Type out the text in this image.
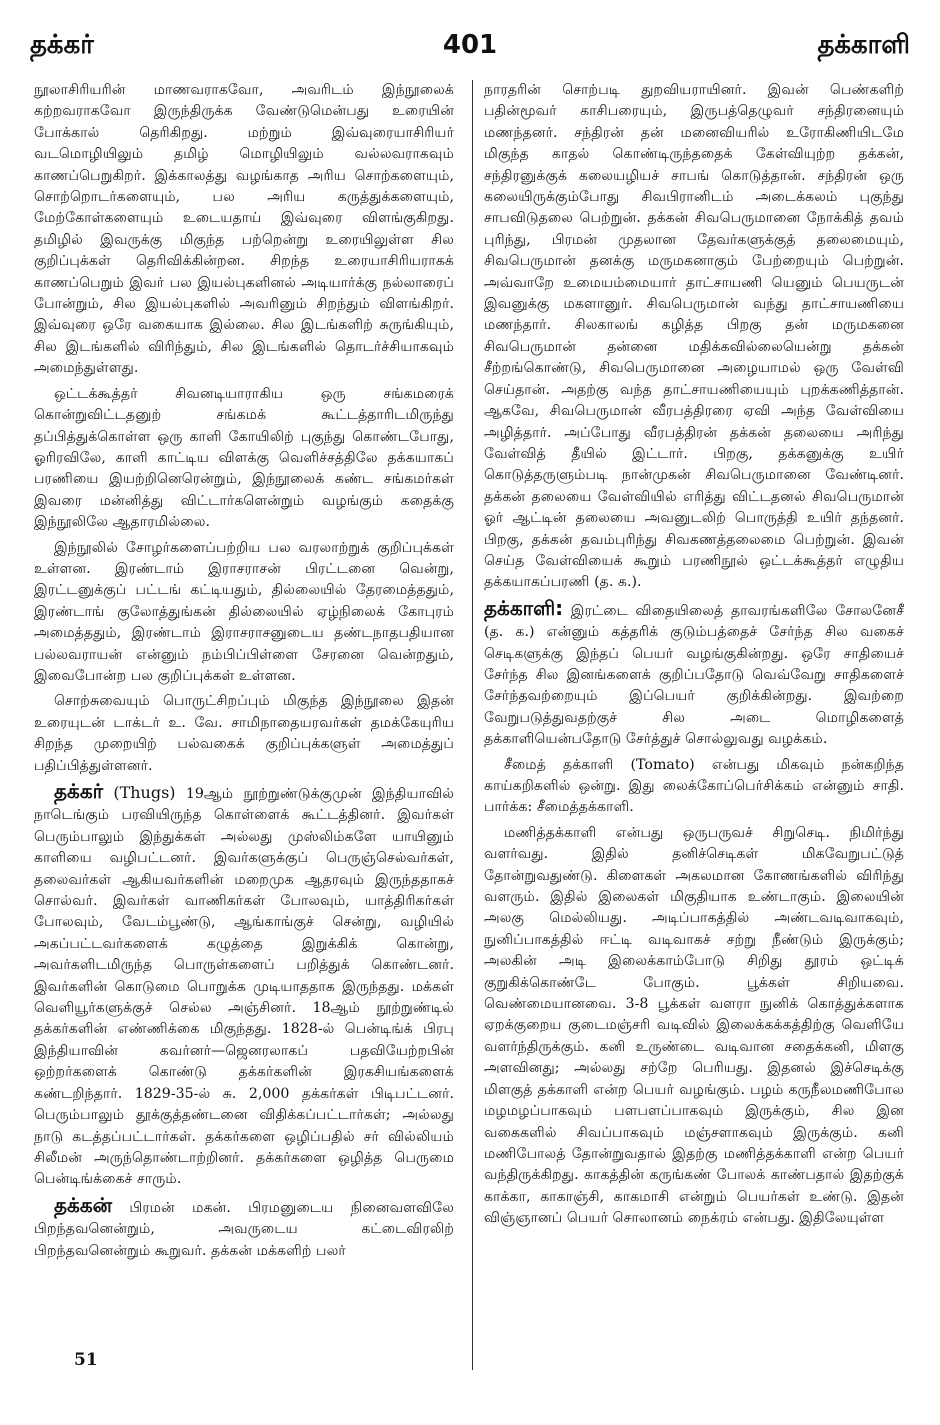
தக்கர்	401	தக்காளி

நூலாசிரியரின் மாணவராகவோ, அவரிடம் இந்நூலைக் கற்றவராகவோ இருந்திருக்க வேண்டுமென்பது உரையின் போக்கால் தெரிகிறது. மற்றும் இவ்வுரையாசிரியர் வடமொழியிலும் தமிழ் மொழியிலும் வல்லவராகவும் காணப்பெறுகிறர். இக்காலத்து வழங்காத அரிய சொற்களையும், சொற்றொடர்களையும், பல அரிய கருத்துக்களையும், மேற்கோள்களையும் உடையதாய் இவ்வுரை விளங்குகிறது. தமிழில் இவருக்கு மிகுந்த பற்றென்று உரையிலுள்ள சில குறிப்புக்கள் தெரிவிக்கின்றன. சிறந்த உரையாசிரியராகக் காணப்பெறும் இவர் பல இயல்புகளினல் அடியார்க்கு நல்லாரைப் போன்றும், சில இயல்புகளில் அவரினும் சிறந்தும் விளங்கிறர். இவ்வுரை ஒரே வகையாக இல்லை. சில இடங்களிற் சுருங்கியும், சில இடங்களில் விரிந்தும், சில இடங்களில் தொடர்ச்சியாகவும் அமைந்துள்ளது.

ஒட்டக்கூத்தர் சிவனடியாராகிய ஒரு சங்கமரைக் கொன்றுவிட்டதனுற் சங்கமக் கூட்டத்தாரிடமிருந்து தப்பித்துக்கொள்ள ஒரு காளி கோயிலிற் புகுந்து கொண்டபோது, ஓரிரவிலே, காளி காட்டிய விளக்கு வெளிச்சத்திலே தக்கயாகப் பரணியை இயற்றினெரென்றும், இந்நூலைக் கண்ட சங்கமர்கள் இவரை மன்னித்து விட்டார்களென்றும் வழங்கும் கதைக்கு இந்நூலிலே ஆதாரமில்லை.

இந்நூலில் சோழர்களைப்பற்றிய பல வரலாற்றுக் குறிப்புக்கள் உள்ளன. இரண்டாம் இராசராசன் பிரட்டனை வென்று, இரட்டனுக்குப் பட்டங் கட்டியதும், தில்லையில் தேரமைத்ததும், இரண்டாங் குலோத்துங்கன் தில்லையில் ஏழ்நிலைக் கோபுரம் அமைத்ததும், இரண்டாம் இராசராசனுடைய தண்டநாதபதியான பல்லவராயன் என்னும் நம்பிப்பிள்ளை சேரனை வென்றதும், இவைபோன்ற பல குறிப்புக்கள் உள்ளன.

சொற்சுவையும் பொருட்சிறப்பும் மிகுந்த இந்நூலை இதன் உரையுடன் டாக்டர் உ. வே. சாமிநாதையரவர்கள் தமக்கேயுரிய சிறந்த முறையிற் பல்வகைக் குறிப்புக்களுள் அமைத்துப் பதிப்பித்துள்ளனர்.

தக்கர் (Thugs) 19ஆம் நூற்றுண்டுக்குமுன் இந்தியாவில் நாடெங்கும் பரவியிருந்த கொள்ளைக் கூட்டத்தினர். இவர்கள் பெரும்பாலும் இந்துக்கள் அல்லது முஸ்லிம்களே யாயினும் காளியை வழிபட்டனர். இவர்களுக்குப் பெருஞ்செல்வர்கள், தலைவர்கள் ஆகியவர்களின் மறைமுக ஆதரவும் இருந்ததாகச் சொல்வர். இவர்கள் வாணிகர்கள் போலவும், யாத்திரிகர்கள் போலவும், வேடம்பூண்டு, ஆங்காங்குச் சென்று, வழியில் அகப்பட்டவர்களைக் கழுத்தை இறுக்கிக் கொன்று, அவர்களிடமிருந்த பொருள்களைப் பறித்துக் கொண்டனர். இவர்களின் கொடுமை பொறுக்க முடியாததாக இருந்தது. மக்கள் வெளியூர்களுக்குச் செல்ல அஞ்சினர். 18ஆம் நூற்றுண்டில் தக்கர்களின் எண்ணிக்கை மிகுந்தது. 1828-ல் பென்டிங்க் பிரபு இந்தியாவின் கவர்னர்—ஜெனரலாகப் பதவியேற்றபின் ஒற்றர்களைக் கொண்டு தக்கர்களின் இரகசியங்களைக் கண்டறிந்தார். 1829-35-ல் சு. 2,000 தக்கர்கள் பிடிபட்டனர். பெரும்பாலும் தூக்குத்தண்டனை விதிக்கப்பட்டார்கள்; அல்லது நாடு கடத்தப்பட்டார்கள். தக்கர்களை ஒழிப்பதில் சர் வில்லியம் சிலீமன் அருந்தொண்டாற்றினர். தக்கர்களை ஒழித்த பெருமை பென்டிங்க்கைச் சாரும்.

தக்கன் பிரமன் மகன். பிரமனுடைய நினைவளவிலே பிறந்தவனென்றும், அவருடைய கட்டைவிரலிற் பிறந்தவனென்றும் கூறுவர். தக்கன் மக்களிற் பலர்

நாரதரின் சொற்படி துறவியராயினர். இவன் பெண்களிற் பதின்மூவர் காசிபரையும், இருபத்தெழுவர் சந்திரனையும் மணந்தனர். சந்திரன் தன் மனைவியரில் உரோகிணியிடமே மிகுந்த காதல் கொண்டிருந்ததைக் கேள்வியுற்ற தக்கன், சந்திரனுக்குக் கலையழியச் சாபங் கொடுத்தான். சந்திரன் ஒரு கலையிருக்கும்போது சிவபிரானிடம் அடைக்கலம் புகுந்து சாபவிடுதலை பெற்றுன். தக்கன் சிவபெருமானை நோக்கித் தவம் புரிந்து, பிரமன் முதலான தேவர்களுக்குத் தலைமையும், சிவபெருமான் தனக்கு மருமகனாகும் பேற்றையும் பெற்றுன். அவ்வாறே உமையம்மையார் தாட்சாயணி யெனும் பெயருடன் இவனுக்கு மகளானுர். சிவபெருமான் வந்து தாட்சாயணியை மணந்தார். சிலகாலங் கழித்த பிறகு தன் மருமகனை சிவபெருமான் தன்னை மதிக்கவில்லையென்று தக்கன் சீற்றங்கொண்டு, சிவபெருமானை அழையாமல் ஒரு வேள்வி செய்தான். அதற்கு வந்த தாட்சாயணியையும் புறக்கணித்தான். ஆகவே, சிவபெருமான் வீரபத்திரரை ஏவி அந்த வேள்வியை அழித்தார். அப்போது வீரபத்திரன் தக்கன் தலையை அரிந்து வேள்வித் தீயில் இட்டார். பிறகு, தக்கனுக்கு உயிர் கொடுத்தருளும்படி நான்முகன் சிவபெருமானை வேண்டினர். தக்கன் தலையை வேள்வியில் எரித்து விட்டதனல் சிவபெருமான் ஓர் ஆட்டின் தலையை அவனுடலிற் பொருத்தி உயிர் தந்தனர். பிறகு, தக்கன் தவம்புரிந்து சிவகணத்தலைமை பெற்றுன். இவன் செய்த வேள்வியைக் கூறும் பரணிநூல் ஒட்டக்கூத்தர் எழுதிய தக்கயாகப்பரணி (த. க.).

தக்காளி: இரட்டை விதையிலைத் தாவரங்களிலே சோலனேசீ (த. க.) என்னும் கத்தரிக் குடும்பத்தைச் சேர்ந்த சில வகைச் செடிகளுக்கு இந்தப் பெயர் வழங்குகின்றது. ஒரே சாதியைச் சேர்ந்த சில இனங்களைக் குறிப்பதோடு வெவ்வேறு சாதிகளைச் சேர்ந்தவற்றையும் இப்பெயர் குறிக்கின்றது. இவற்றை வேறுபடுத்துவதற்குச் சில அடை மொழிகளைத் தக்காளியென்பதோடு சேர்த்துச் சொல்லுவது வழக்கம்.

சீமைத் தக்காளி (Tomato) என்பது மிகவும் நன்கறிந்த காய்கறிகளில் ஒன்று. இது லைக்கோப்பெர்சிக்கம் என்னும் சாதி. பார்க்க: சீமைத்தக்காளி.

மணித்தக்காளி என்பது ஒருபருவச் சிறுசெடி. நிமிர்ந்து வளர்வது. இதில் தனிச்செடிகள் மிகவேறுபட்டுத் தோன்றுவதுண்டு. கிளைகள் அகலமான கோணங்களில் விரிந்து வளரும். இதில் இலைகள் மிகுதியாக உண்டாகும். இலையின் அலகு மெல்லியது. அடிப்பாகத்தில் அண்டவடிவாகவும், நுனிப்பாகத்தில் ஈட்டி வடிவாகச் சற்று நீண்டும் இருக்கும்; அலகின் அடி இலைக்காம்போடு சிறிது தூரம் ஒட்டிக் குறுகிக்கொண்டே போகும். பூக்கள் சிறியவை. வெண்மையானவை. 3-8 பூக்கள் வளரா நுனிக் கொத்துக்களாக ஏறக்குறைய குடைமஞ்சரி வடிவில் இலைக்கக்கத்திற்கு வெளியே வளர்ந்திருக்கும். கனி உருண்டை வடிவான சதைக்கனி, மிளகு அளவினது; அல்லது சற்றே பெரியது. இதனல் இச்செடிக்கு மிளகுத் தக்காளி என்ற பெயர் வழங்கும். பழம் கருநீலமணிபோல மழமழப்பாகவும் பளபளப்பாகவும் இருக்கும், சில இன வகைகளில் சிவப்பாகவும் மஞ்சளாகவும் இருக்கும். கனி மணிபோலத் தோன்றுவதால் இதற்கு மணித்தக்காளி என்ற பெயர் வந்திருக்கிறது. காகத்தின் கருங்கண் போலக் காண்பதால் இதற்குக் காக்கா, காகாஞ்சி, காகமாசி என்றும் பெயர்கள் உண்டு. இதன் விஞ்ஞானப் பெயர் சொலானம் நைக்ரம் என்பது. இதிலேயுள்ள

51
